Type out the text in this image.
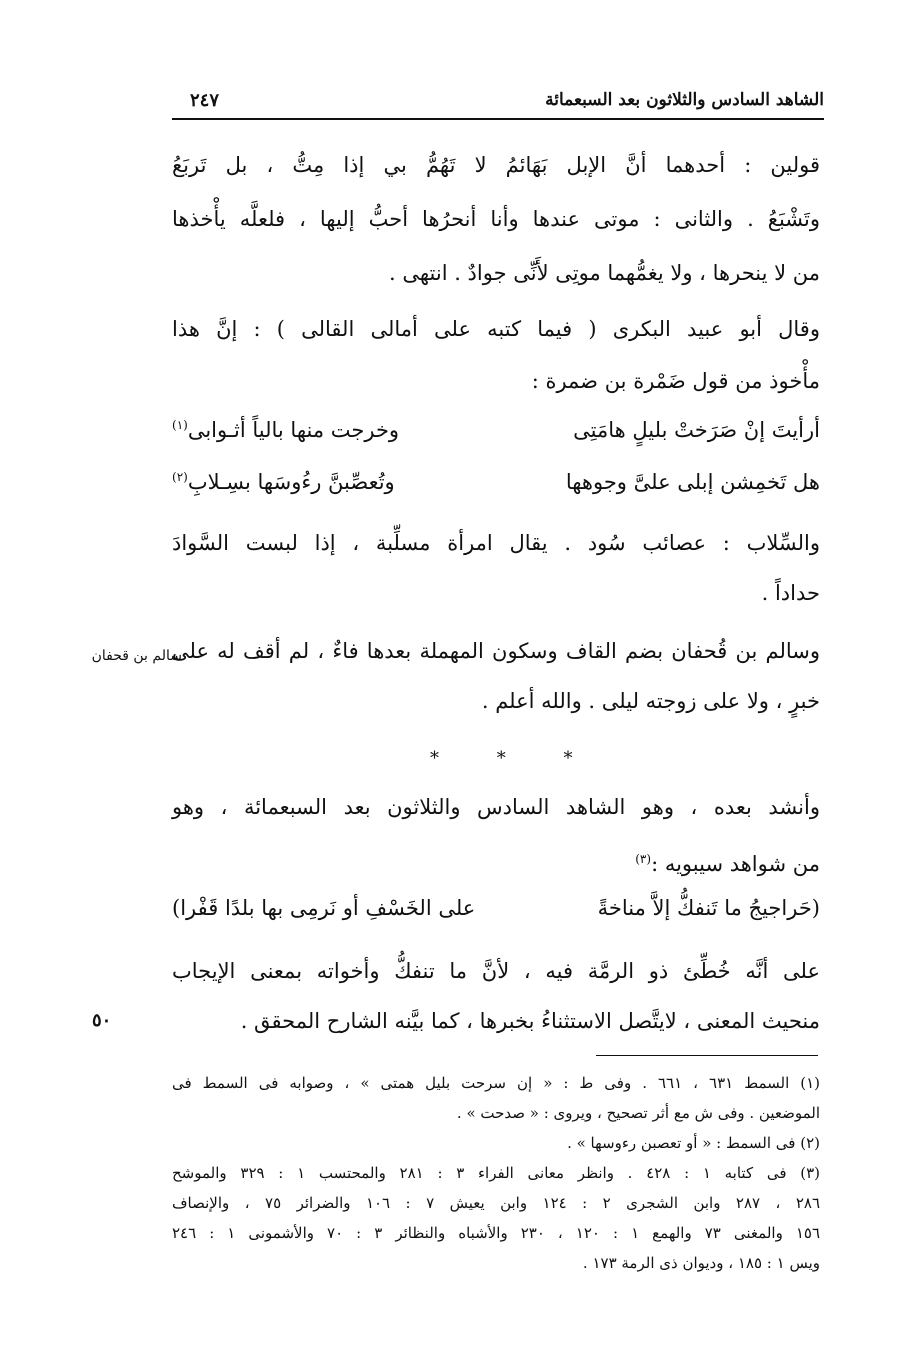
الشاهد السادس والثلاثون بعد السبعمائة
٢٤٧
قولين : أحدهما أنَّ الإبل بَهَائمُ لا تَهُمُّ بي إذا مِتُّ ، بل تَربَعُ
وتَشْبَعُ . والثانى : موتى عندها وأنا أنحرُها أحبُّ إليها ، فلعلَّه يأْخذها
من لا ينحرها ، ولا يغمُّهما موتِى لأَنِّى جوادٌ . انتهى .
وقال أبو عبيد البكرى ( فيما كتبه على أمالى القالى ) : إنَّ هذا
مأْخوذ من قول ضَمْرة بن ضمرة :
أرأيتَ إنْ صَرَختْ بليلٍ هامَتِى
وخرجت منها بالياً أثـوابى$^{(١)}$
هل تَخمِشن إبلى علىَّ وجوهها
وتُعصِّبنَّ رءُوسَها بسِـلابِ$^{(٢)}$
والسِّلاب : عصائب سُود . يقال امرأة مسلِّبة ، إذا لبست السَّوادَ
حداداً .
وسالم بن قُحفان بضم القاف وسكون المهملة بعدها فاءٌ ، لم أقف له على
خبرٍ ، ولا على زوجته ليلى . والله أعلم .
سالم بن قحفان
* * *
وأنشد بعده ، وهو الشاهد السادس والثلاثون بعد السبعمائة ، وهو
من شواهد سيبويه :$^{(٣)}$
(حَراجيجُ ما تَنفكُّ إلاَّ مناخةً
على الخَسْفِ أو نَرمِى بها بلدًا قَفْرا)
على أنَّه خُطِّئ ذو الرمَّة فيه ، لأنَّ ما تنفكُّ وأخواته بمعنى الإيجاب
منحيث المعنى ، لايتَّصل الاستثناءُ بخبرها ، كما بيَّنه الشارح المحقق .
٥٠
(١) السمط ٦٣١ ، ٦٦١ . وفى ط : « إن سرحت بليل همتى » ، وصوابه فى السمط فى
الموضعين . وفى ش مع أثر تصحيح ، ويروى : « صدحت » .
(٢) فى السمط : « أو تعصبن رءوسها » .
(٣) فى كتابه ١ : ٤٢٨ . وانظر معانى الفراء ٣ : ٢٨١ والمحتسب ١ : ٣٢٩ والموشح
٢٨٦ ، ٢٨٧ وابن الشجرى ٢ : ١٢٤ وابن يعيش ٧ : ١٠٦ والضرائر ٧٥ ، والإنصاف
١٥٦ والمغنى ٧٣ والهمع ١ : ١٢٠ ، ٢٣٠ والأشباه والنظائر ٣ : ٧٠ والأشمونى ١ : ٢٤٦
ويس ١ : ١٨٥ ، وديوان ذى الرمة ١٧٣ .
